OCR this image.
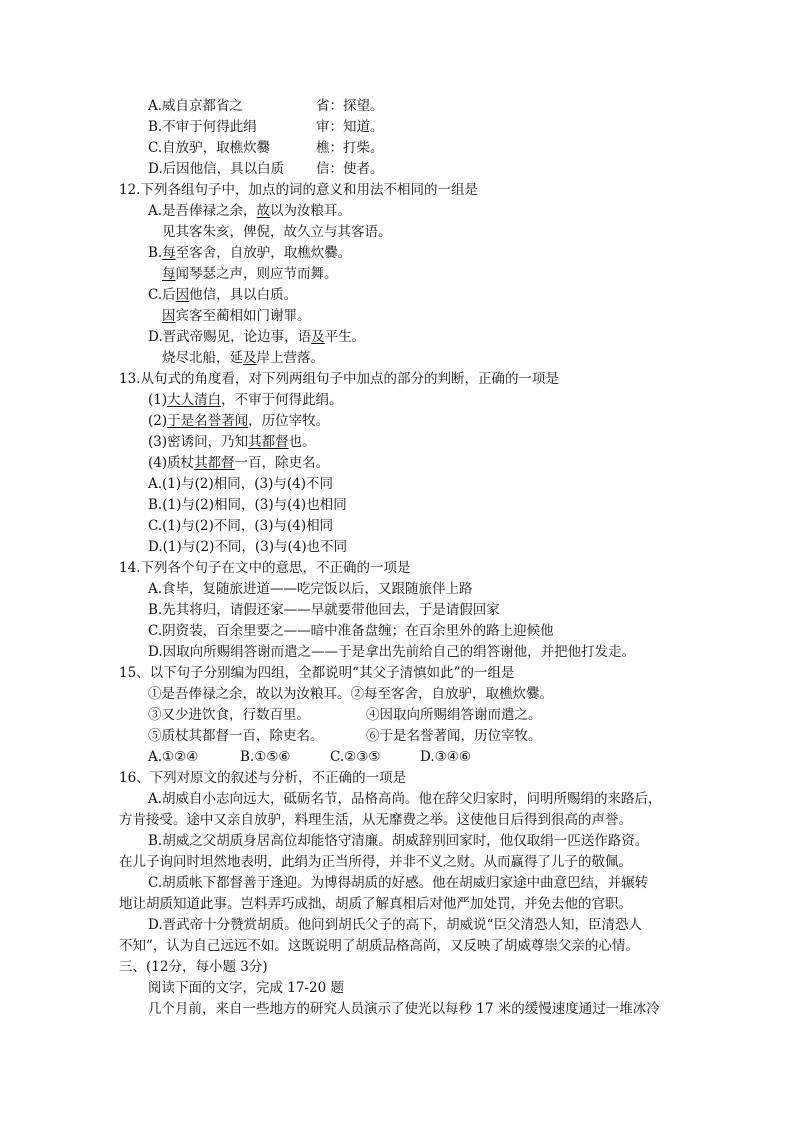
A.威自京都省之	省：探望。
B.不审于何得此绢	审：知道。
C.自放驴，取樵炊爨	樵：打柴。
D.后因他信，具以白质 信：使者。
12.下列各组句子中，加点的词的意义和用法不相同的一组是
A.是吾俸禄之余，故以为汝粮耳。
见其客朱亥，俾倪，故久立与其客语。
B.每至客舍，自放驴，取樵炊爨。
每闻琴瑟之声，则应节而舞。
C.后因他信，具以白质。
因宾客至蔺相如门谢罪。
D.晋武帝赐见，论边事，语及平生。
烧尽北船，延及岸上营落。
13.从句式的角度看，对下列两组句子中加点的部分的判断，正确的一项是
(1)大人清白，不审于何得此绢。
(2)于是名誉著闻，历位宰牧。
(3)密诱问，乃知其都督也。
(4)质杖其都督一百，除吏名。
A.(1)与(2)相同，(3)与(4)不同
B.(1)与(2)相同，(3)与(4)也相同
C.(1)与(2)不同，(3)与(4)相同
D.(1)与(2)不同，(3)与(4)也不同
14.下列各个句子在文中的意思，不正确的一项是
A.食毕，复随旅进道——吃完饭以后，又跟随旅伴上路
B.先其将归，请假还家——早就要带他回去，于是请假回家
C.阴资装，百余里要之——暗中准备盘缠；在百余里外的路上迎候他
D.因取向所赐绢答谢而遣之——于是拿出先前给自己的绢答谢他，并把他打发走。
15、以下句子分别编为四组，全都说明“其父子清慎如此”的一组是
①是吾俸禄之余，故以为汝粮耳。②每至客舍，自放驴，取樵炊爨。
③又少进饮食，行数百里。	④因取向所赐绢答谢而遣之。
⑤质杖其都督一百，除吏名。	⑥于是名誉著闻，历位宰牧。
A.①②④	B.①⑤⑥	C.②③⑤	D.③④⑥
16、下列对原文的叙述与分析，不正确的一项是
A.胡威自小志向远大，砥砺名节，品格高尚。他在辞父归家时，问明所赐绢的来路后，
方肯接受。途中又亲自放驴，料理生活，从无靡费之举。这使他日后得到很高的声誉。
B.胡威之父胡质身居高位却能恪守清廉。胡威辞别回家时，他仅取绢一匹送作路资。
在儿子询问时坦然地表明，此绢为正当所得，并非不义之财。从而赢得了儿子的敬佩。
C.胡质帐下都督善于逢迎。为博得胡质的好感。他在胡威归家途中曲意巴结，并辗转
地让胡质知道此事。岂料弄巧成拙，胡质了解真相后对他严加处罚，并免去他的官职。
D.晋武帝十分赞赏胡质。他问到胡氏父子的高下，胡威说“臣父清恐人知，臣清恐人
不知”，认为自己远远不如。这既说明了胡质品格高尚，又反映了胡威尊崇父亲的心情。
三、(12分，每小题 3分)
阅读下面的文字，完成 17-20 题
几个月前，来自一些地方的研究人员演示了使光以每秒 17 米的缓慢速度通过一堆冰冷
